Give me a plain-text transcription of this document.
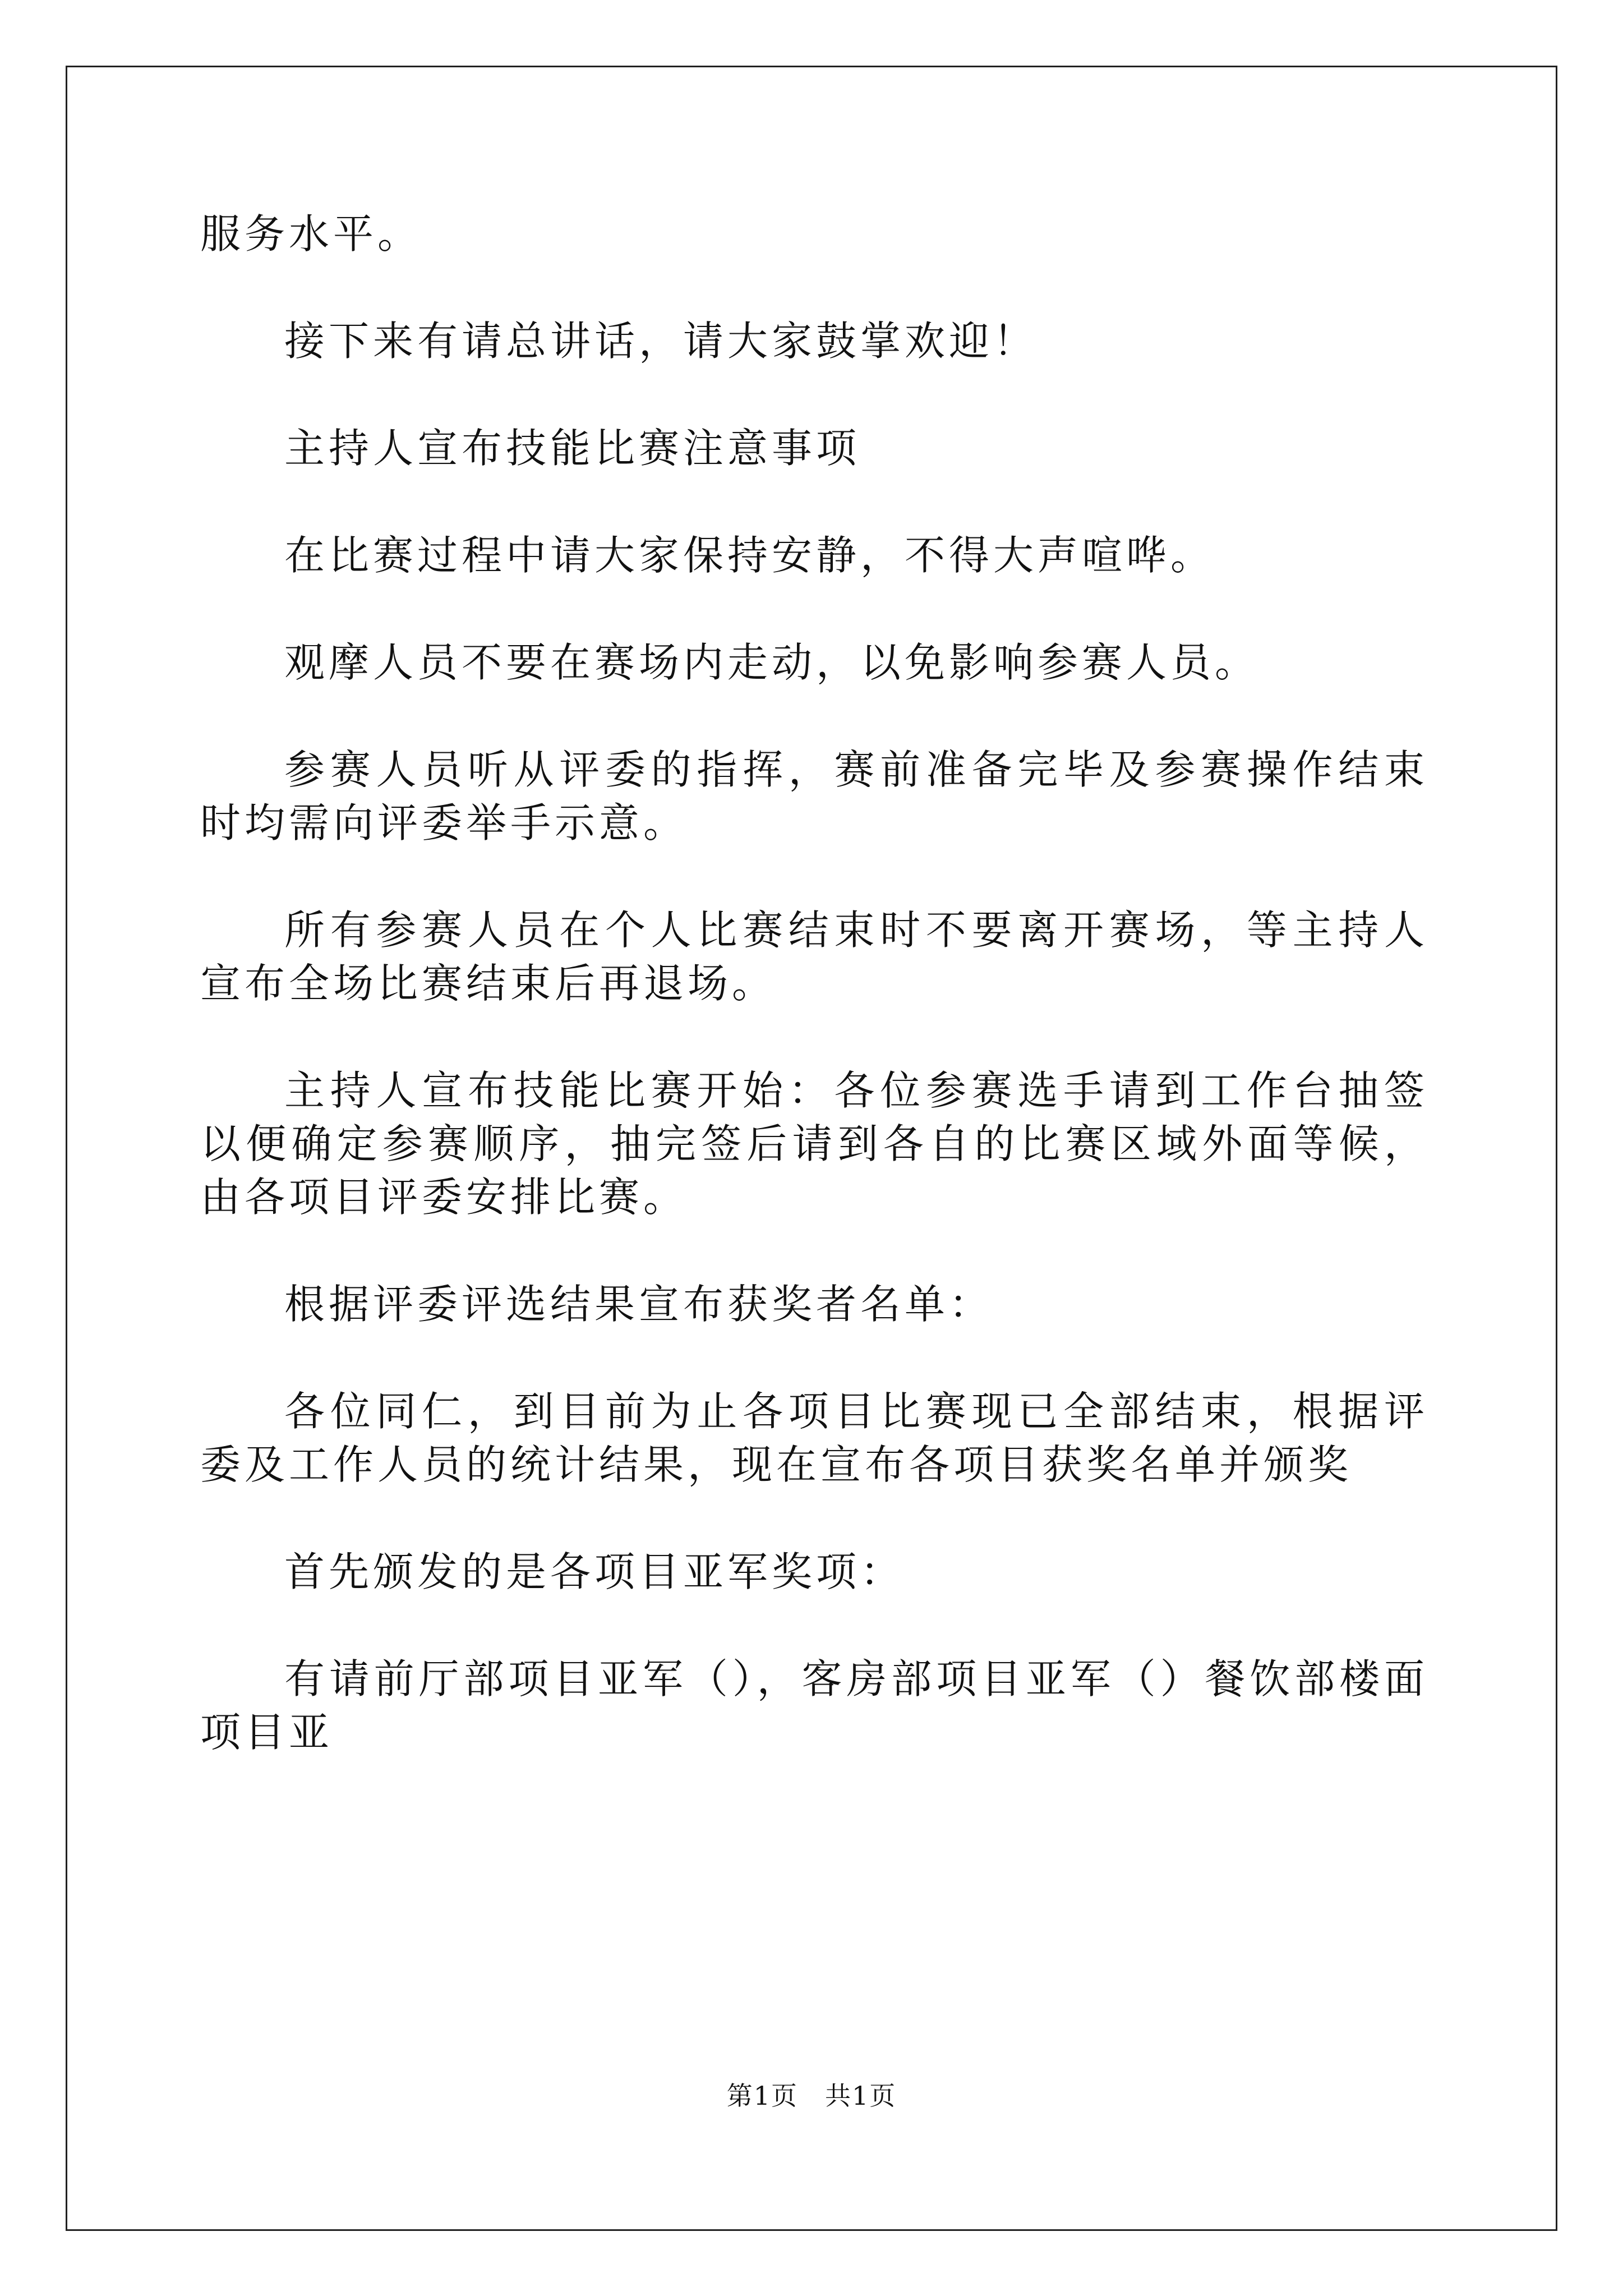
服务水平。

接下来有请总讲话，请大家鼓掌欢迎！

主持人宣布技能比赛注意事项

在比赛过程中请大家保持安静，不得大声喧哗。

观摩人员不要在赛场内走动，以免影响参赛人员。

参赛人员听从评委的指挥，赛前准备完毕及参赛操作结束时均需向评委举手示意。

所有参赛人员在个人比赛结束时不要离开赛场，等主持人宣布全场比赛结束后再退场。

主持人宣布技能比赛开始：各位参赛选手请到工作台抽签以便确定参赛顺序，抽完签后请到各自的比赛区域外面等候，由各项目评委安排比赛。

根据评委评选结果宣布获奖者名单：

各位同仁，到目前为止各项目比赛现已全部结束，根据评委及工作人员的统计结果，现在宣布各项目获奖名单并颁奖

首先颁发的是各项目亚军奖项：

有请前厅部项目亚军（），客房部项目亚军（）餐饮部楼面项目亚

第1页　共1页
